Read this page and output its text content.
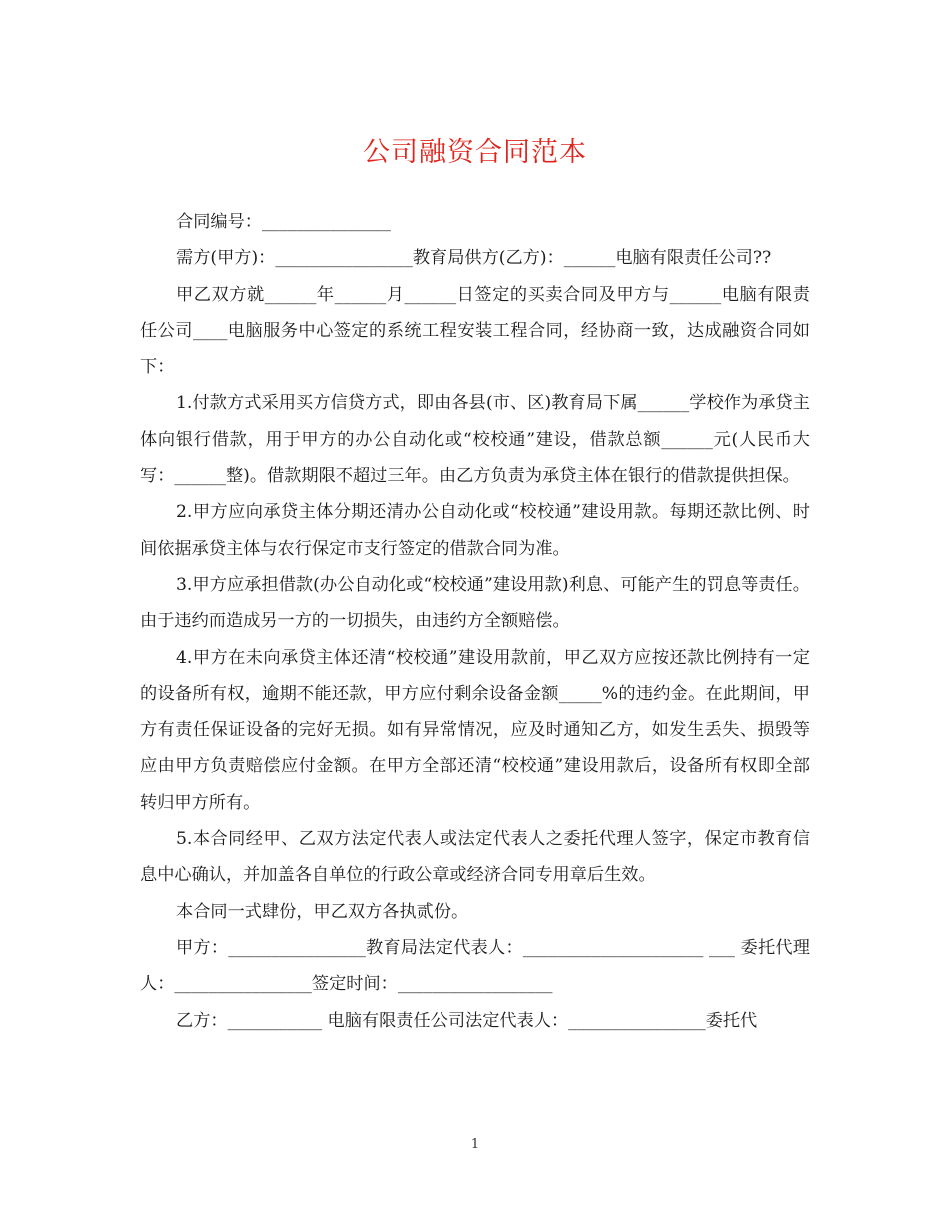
公司融资合同范本

合同编号：_______________

需方(甲方)：________________教育局供方(乙方)：______电脑有限责任公司??

甲乙双方就______年______月______日签定的买卖合同及甲方与______电脑有限责任公司____电脑服务中心签定的系统工程安装工程合同，经协商一致，达成融资合同如下：

1.付款方式采用买方信贷方式，即由各县(市、区)教育局下属______学校作为承贷主体向银行借款，用于甲方的办公自动化或“校校通”建设，借款总额______元(人民币大写：______整)。借款期限不超过三年。由乙方负责为承贷主体在银行的借款提供担保。

2.甲方应向承贷主体分期还清办公自动化或“校校通”建设用款。每期还款比例、时间依据承贷主体与农行保定市支行签定的借款合同为准。

3.甲方应承担借款(办公自动化或“校校通”建设用款)利息、可能产生的罚息等责任。由于违约而造成另一方的一切损失，由违约方全额赔偿。

4.甲方在未向承贷主体还清“校校通”建设用款前，甲乙双方应按还款比例持有一定的设备所有权，逾期不能还款，甲方应付剩余设备金额_____%的违约金。在此期间，甲方有责任保证设备的完好无损。如有异常情况，应及时通知乙方，如发生丢失、损毁等应由甲方负责赔偿应付金额。在甲方全部还清“校校通”建设用款后，设备所有权即全部转归甲方所有。

5.本合同经甲、乙双方法定代表人或法定代表人之委托代理人签字，保定市教育信息中心确认，并加盖各自单位的行政公章或经济合同专用章后生效。

本合同一式肆份，甲乙双方各执贰份。

甲方：________________教育局法定代表人：_____________________ ___ 委托代理人：________________签定时间：__________________

乙方：___________ 电脑有限责任公司法定代表人：________________委托代

1
